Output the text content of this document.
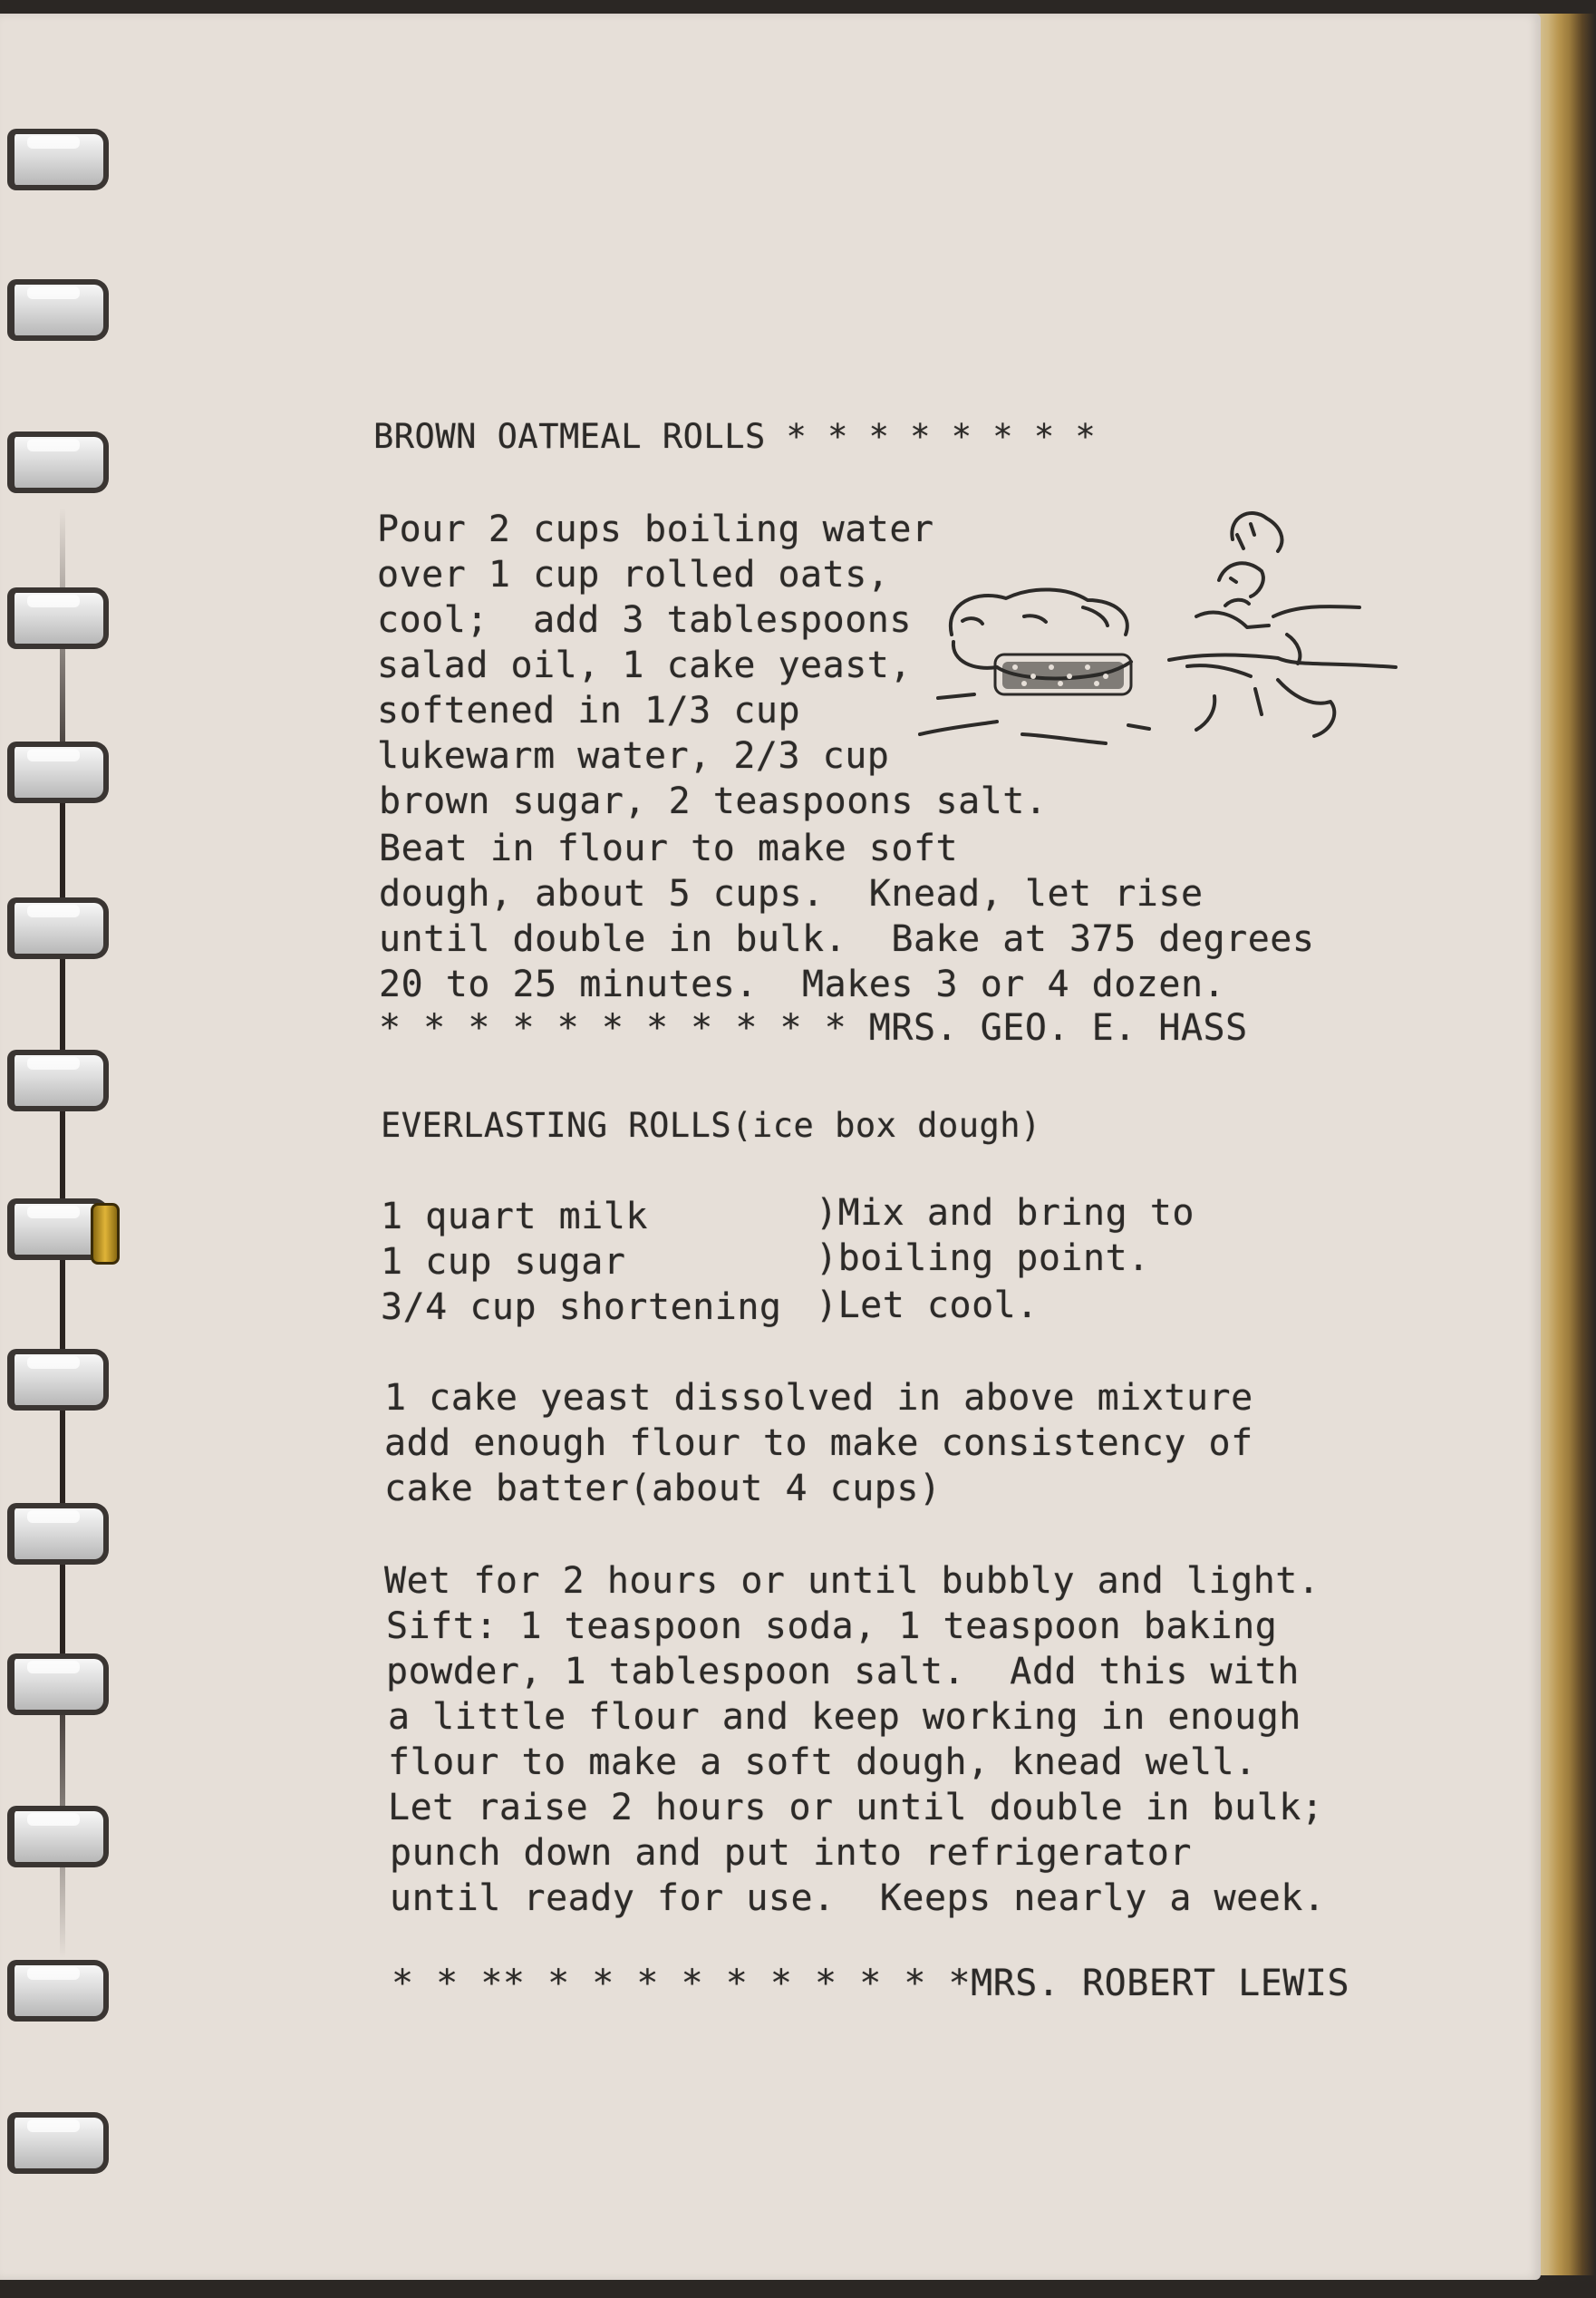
BROWN OATMEAL ROLLS * * * * * * * *
Pour 2 cups boiling water
over 1 cup rolled oats,
cool;  add 3 tablespoons
salad oil, 1 cake yeast,
softened in 1/3 cup
lukewarm water, 2/3 cup
brown sugar, 2 teaspoons salt.
Beat in flour to make soft
dough, about 5 cups.  Knead, let rise
until double in bulk.  Bake at 375 degrees
20 to 25 minutes.  Makes 3 or 4 dozen.
* * * * * * * * * * * MRS. GEO. E. HASS
EVERLASTING ROLLS(ice box dough)
1 quart milk	)Mix and bring to
1 cup sugar	)boiling point.
3/4 cup shortening )Let cool.
1 cake yeast dissolved in above mixture
add enough flour to make consistency of
cake batter(about 4 cups)
Wet for 2 hours or until bubbly and light.
Sift: 1 teaspoon soda, 1 teaspoon baking
powder, 1 tablespoon salt.  Add this with
a little flour and keep working in enough
flour to make a soft dough, knead well.
Let raise 2 hours or until double in bulk;
punch down and put into refrigerator
until ready for use.  Keeps nearly a week.
* * ** * * * * * * * * * *MRS. ROBERT LEWIS
